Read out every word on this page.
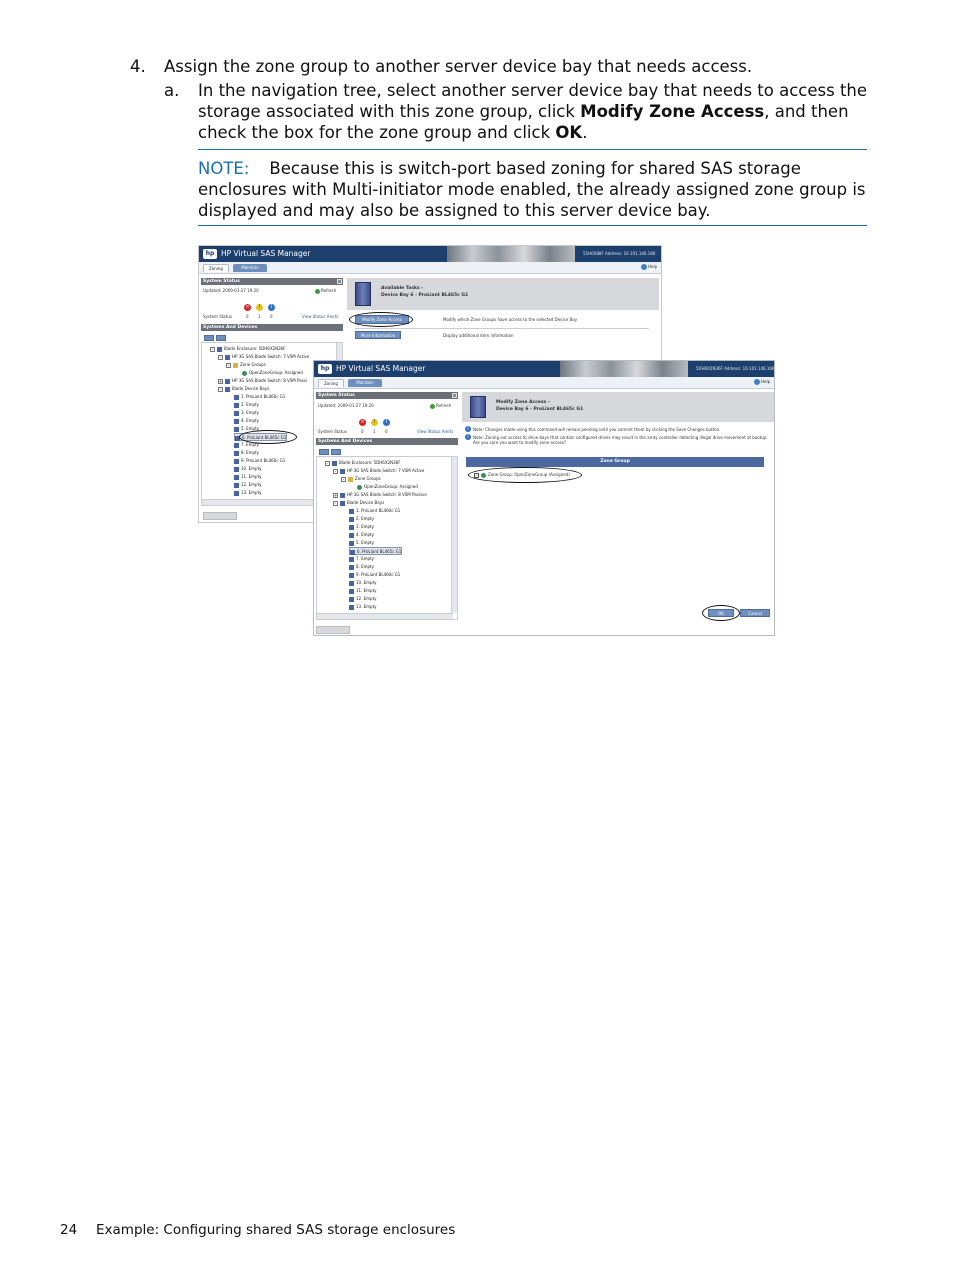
4. Assign the zone group to another server device bay that needs access.
a. In the navigation tree, select another server device bay that needs to access the storage associated with this zone group, click Modify Zone Access, and then check the box for the zone group and click OK.
NOTE: Because this is switch-port based zoning for shared SAS storage enclosures with Multi-initiator mode enabled, the already assigned zone group is displayed and may also be assigned to this server device bay.
hp HP Virtual SAS Manager	55H0X88F Address: 16.101.146.166
Zoning	Maintain	Help
System Status
Updated: 2009-01-27 19:20	Refresh
System Status
×	!	i
0 1 0	View Status Alerts
Systems And Devices
-	Blade Enclosure: 5DH6X2N36F
-	HP 3G SAS Blade Switch: 7 VSM Active
-	Zone Groups
OpenZoneGroup: Assigned
+ HP 3G SAS Blade Switch: 8 VSM Passi
-	Blade Device Bays
1. ProLiant BL460c G1
2. Empty
3. Empty
4. Empty
5. Empty
6. ProLiant BL465c G1
7. Empty
8. Empty
9. ProLiant BL460c G1
10. Empty
11. Empty
12. Empty
13. Empty
Available Tasks -
Device Bay 6 - ProLiant BL465c G1
Modify Zone Access	Modify which Zone Groups have access to the selected Device Bay
More Information	Display additional item information
hp HP Virtual SAS Manager	5DH6X2N36F Address: 16.101.146.166
Zoning	Maintain	Help
System Status
Updated: 2009-01-27 19:20	Refresh
System Status
×	!	i
0 1 0	View Status Alerts
Systems And Devices
-	Blade Enclosure: 5DH6X2N36F
-	HP 3G SAS Blade Switch: 7 VSM Active
-	Zone Groups
OpenZoneGroup: Assigned
+ HP 3G SAS Blade Switch: 8 VSM Passive
-	Blade Device Bays
1. ProLiant BL460c G1
2. Empty
3. Empty
4. Empty
5. Empty
6. ProLiant BL465c G1
7. Empty
8. Empty
9. ProLiant BL460c G1
10. Empty
11. Empty
12. Empty
13. Empty
Modify Zone Access -
Device Bay 6 - ProLiant BL465c G1
i	Note: Changes made using this command will remain pending until you commit them by clicking the Save Changes button.
i	Note: Zoning out access to drive bays that contain configured drives may result in the array controller detecting illegal drive movement at bootup. Are you sure you want to modify zone access?
Zone Group
✓ Zone Group: OpenZoneGroup (Assigned)
OK	Cancel
24 Example: Configuring shared SAS storage enclosures
